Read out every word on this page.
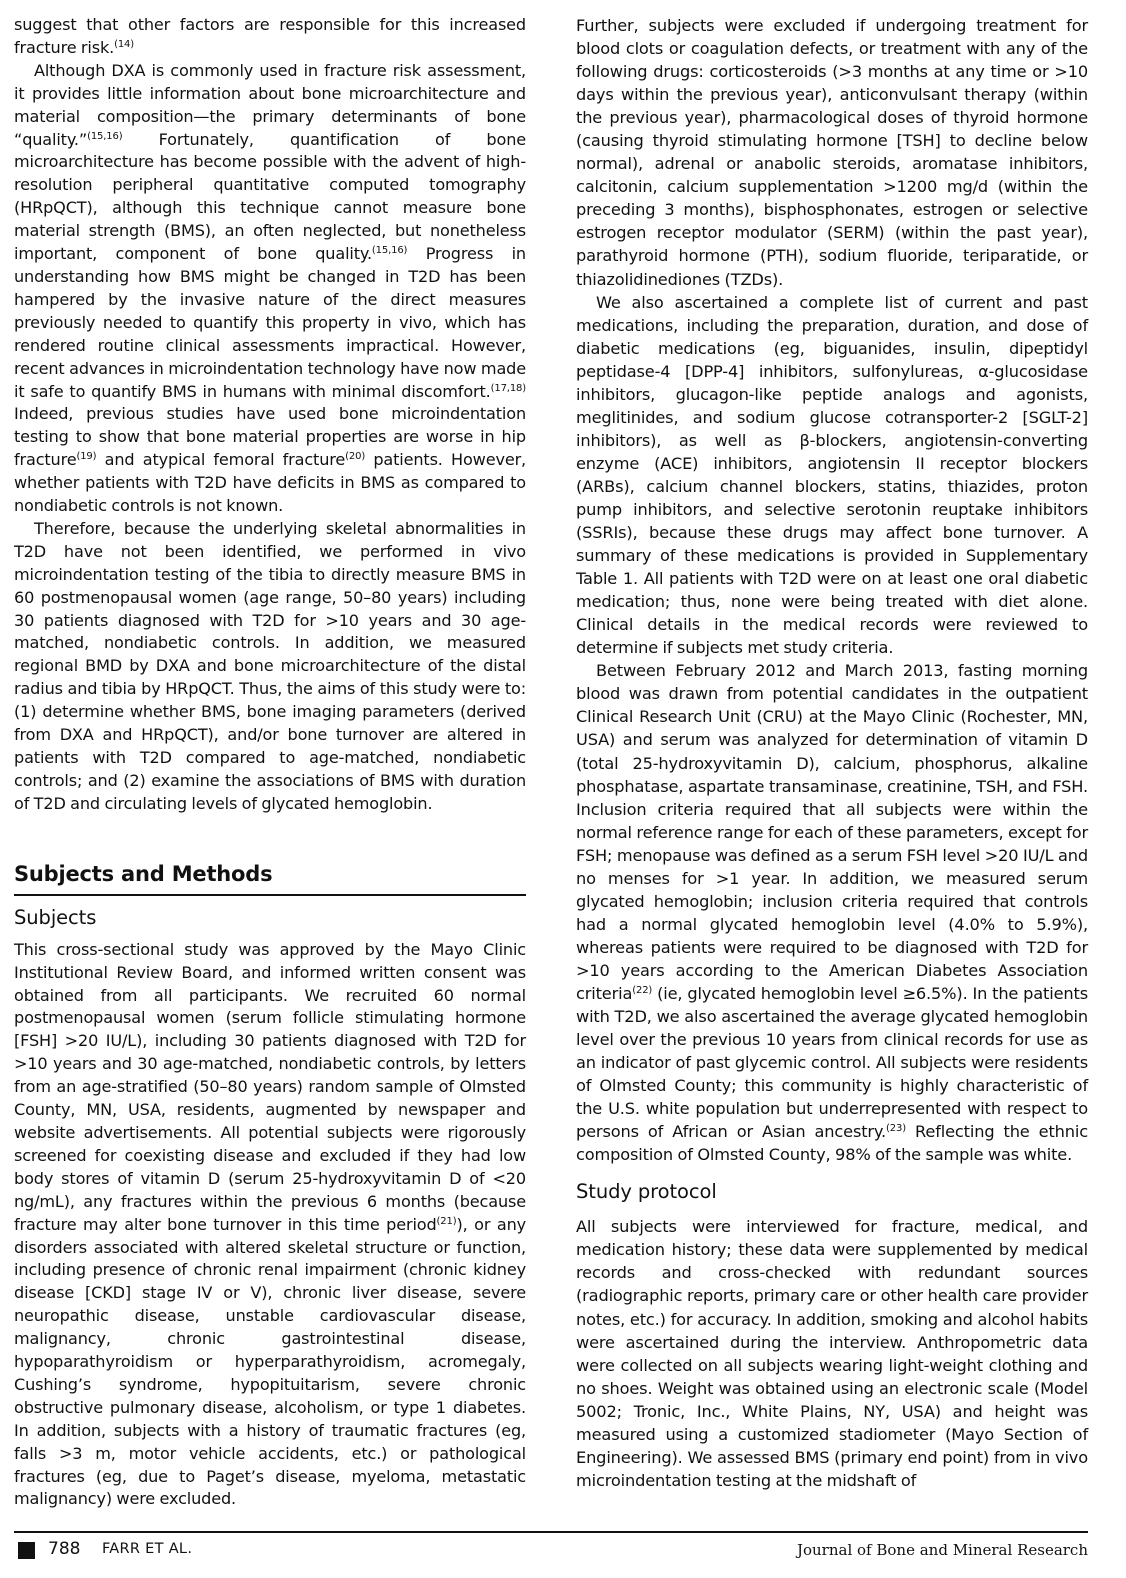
suggest that other factors are responsible for this increased fracture risk.$^{(14)}$

Although DXA is commonly used in fracture risk assessment, it provides little information about bone microarchitecture and material composition—the primary determinants of bone “quality.”$^{(15,16)}$ Fortunately, quantification of bone microarchitecture has become possible with the advent of high-resolution peripheral quantitative computed tomography (HRpQCT), although this technique cannot measure bone material strength (BMS), an often neglected, but nonetheless important, component of bone quality.$^{(15,16)}$ Progress in understanding how BMS might be changed in T2D has been hampered by the invasive nature of the direct measures previously needed to quantify this property in vivo, which has rendered routine clinical assessments impractical. However, recent advances in microindentation technology have now made it safe to quantify BMS in humans with minimal discomfort.$^{(17,18)}$ Indeed, previous studies have used bone microindentation testing to show that bone material properties are worse in hip fracture$^{(19)}$ and atypical femoral fracture$^{(20)}$ patients. However, whether patients with T2D have deficits in BMS as compared to nondiabetic controls is not known.

Therefore, because the underlying skeletal abnormalities in T2D have not been identified, we performed in vivo microindentation testing of the tibia to directly measure BMS in 60 postmenopausal women (age range, 50–80 years) including 30 patients diagnosed with T2D for >10 years and 30 age-matched, nondiabetic controls. In addition, we measured regional BMD by DXA and bone microarchitecture of the distal radius and tibia by HRpQCT. Thus, the aims of this study were to: (1) determine whether BMS, bone imaging parameters (derived from DXA and HRpQCT), and/or bone turnover are altered in patients with T2D compared to age-matched, nondiabetic controls; and (2) examine the associations of BMS with duration of T2D and circulating levels of glycated hemoglobin.

Subjects and Methods
Subjects

This cross-sectional study was approved by the Mayo Clinic Institutional Review Board, and informed written consent was obtained from all participants. We recruited 60 normal postmenopausal women (serum follicle stimulating hormone [FSH] >20 IU/L), including 30 patients diagnosed with T2D for >10 years and 30 age-matched, nondiabetic controls, by letters from an age-stratified (50–80 years) random sample of Olmsted County, MN, USA, residents, augmented by newspaper and website advertisements. All potential subjects were rigorously screened for coexisting disease and excluded if they had low body stores of vitamin D (serum 25-hydroxyvitamin D of <20 ng/mL), any fractures within the previous 6 months (because fracture may alter bone turnover in this time period$^{(21)}$), or any disorders associated with altered skeletal structure or function, including presence of chronic renal impairment (chronic kidney disease [CKD] stage IV or V), chronic liver disease, severe neuropathic disease, unstable cardiovascular disease, malignancy, chronic gastrointestinal disease, hypoparathyroidism or hyperparathyroidism, acromegaly, Cushing’s syndrome, hypopituitarism, severe chronic obstructive pulmonary disease, alcoholism, or type 1 diabetes. In addition, subjects with a history of traumatic fractures (eg, falls >3 m, motor vehicle accidents, etc.) or pathological fractures (eg, due to Paget’s disease, myeloma, metastatic malignancy) were excluded.

Further, subjects were excluded if undergoing treatment for blood clots or coagulation defects, or treatment with any of the following drugs: corticosteroids (>3 months at any time or >10 days within the previous year), anticonvulsant therapy (within the previous year), pharmacological doses of thyroid hormone (causing thyroid stimulating hormone [TSH] to decline below normal), adrenal or anabolic steroids, aromatase inhibitors, calcitonin, calcium supplementation >1200 mg/d (within the preceding 3 months), bisphosphonates, estrogen or selective estrogen receptor modulator (SERM) (within the past year), parathyroid hormone (PTH), sodium fluoride, teriparatide, or thiazolidinediones (TZDs).

We also ascertained a complete list of current and past medications, including the preparation, duration, and dose of diabetic medications (eg, biguanides, insulin, dipeptidyl peptidase-4 [DPP-4] inhibitors, sulfonylureas, α-glucosidase inhibitors, glucagon-like peptide analogs and agonists, meglitinides, and sodium glucose cotransporter-2 [SGLT-2] inhibitors), as well as β-blockers, angiotensin-converting enzyme (ACE) inhibitors, angiotensin II receptor blockers (ARBs), calcium channel blockers, statins, thiazides, proton pump inhibitors, and selective serotonin reuptake inhibitors (SSRIs), because these drugs may affect bone turnover. A summary of these medications is provided in Supplementary Table 1. All patients with T2D were on at least one oral diabetic medication; thus, none were being treated with diet alone. Clinical details in the medical records were reviewed to determine if subjects met study criteria.

Between February 2012 and March 2013, fasting morning blood was drawn from potential candidates in the outpatient Clinical Research Unit (CRU) at the Mayo Clinic (Rochester, MN, USA) and serum was analyzed for determination of vitamin D (total 25-hydroxyvitamin D), calcium, phosphorus, alkaline phosphatase, aspartate transaminase, creatinine, TSH, and FSH. Inclusion criteria required that all subjects were within the normal reference range for each of these parameters, except for FSH; menopause was defined as a serum FSH level >20 IU/L and no menses for >1 year. In addition, we measured serum glycated hemoglobin; inclusion criteria required that controls had a normal glycated hemoglobin level (4.0% to 5.9%), whereas patients were required to be diagnosed with T2D for >10 years according to the American Diabetes Association criteria$^{(22)}$ (ie, glycated hemoglobin level ≥6.5%). In the patients with T2D, we also ascertained the average glycated hemoglobin level over the previous 10 years from clinical records for use as an indicator of past glycemic control. All subjects were residents of Olmsted County; this community is highly characteristic of the U.S. white population but underrepresented with respect to persons of African or Asian ancestry.$^{(23)}$ Reflecting the ethnic composition of Olmsted County, 98% of the sample was white.

Study protocol

All subjects were interviewed for fracture, medical, and medication history; these data were supplemented by medical records and cross-checked with redundant sources (radiographic reports, primary care or other health care provider notes, etc.) for accuracy. In addition, smoking and alcohol habits were ascertained during the interview. Anthropometric data were collected on all subjects wearing light-weight clothing and no shoes. Weight was obtained using an electronic scale (Model 5002; Tronic, Inc., White Plains, NY, USA) and height was measured using a customized stadiometer (Mayo Section of Engineering). We assessed BMS (primary end point) from in vivo microindentation testing at the midshaft of

788 FARR ET AL.	Journal of Bone and Mineral Research
